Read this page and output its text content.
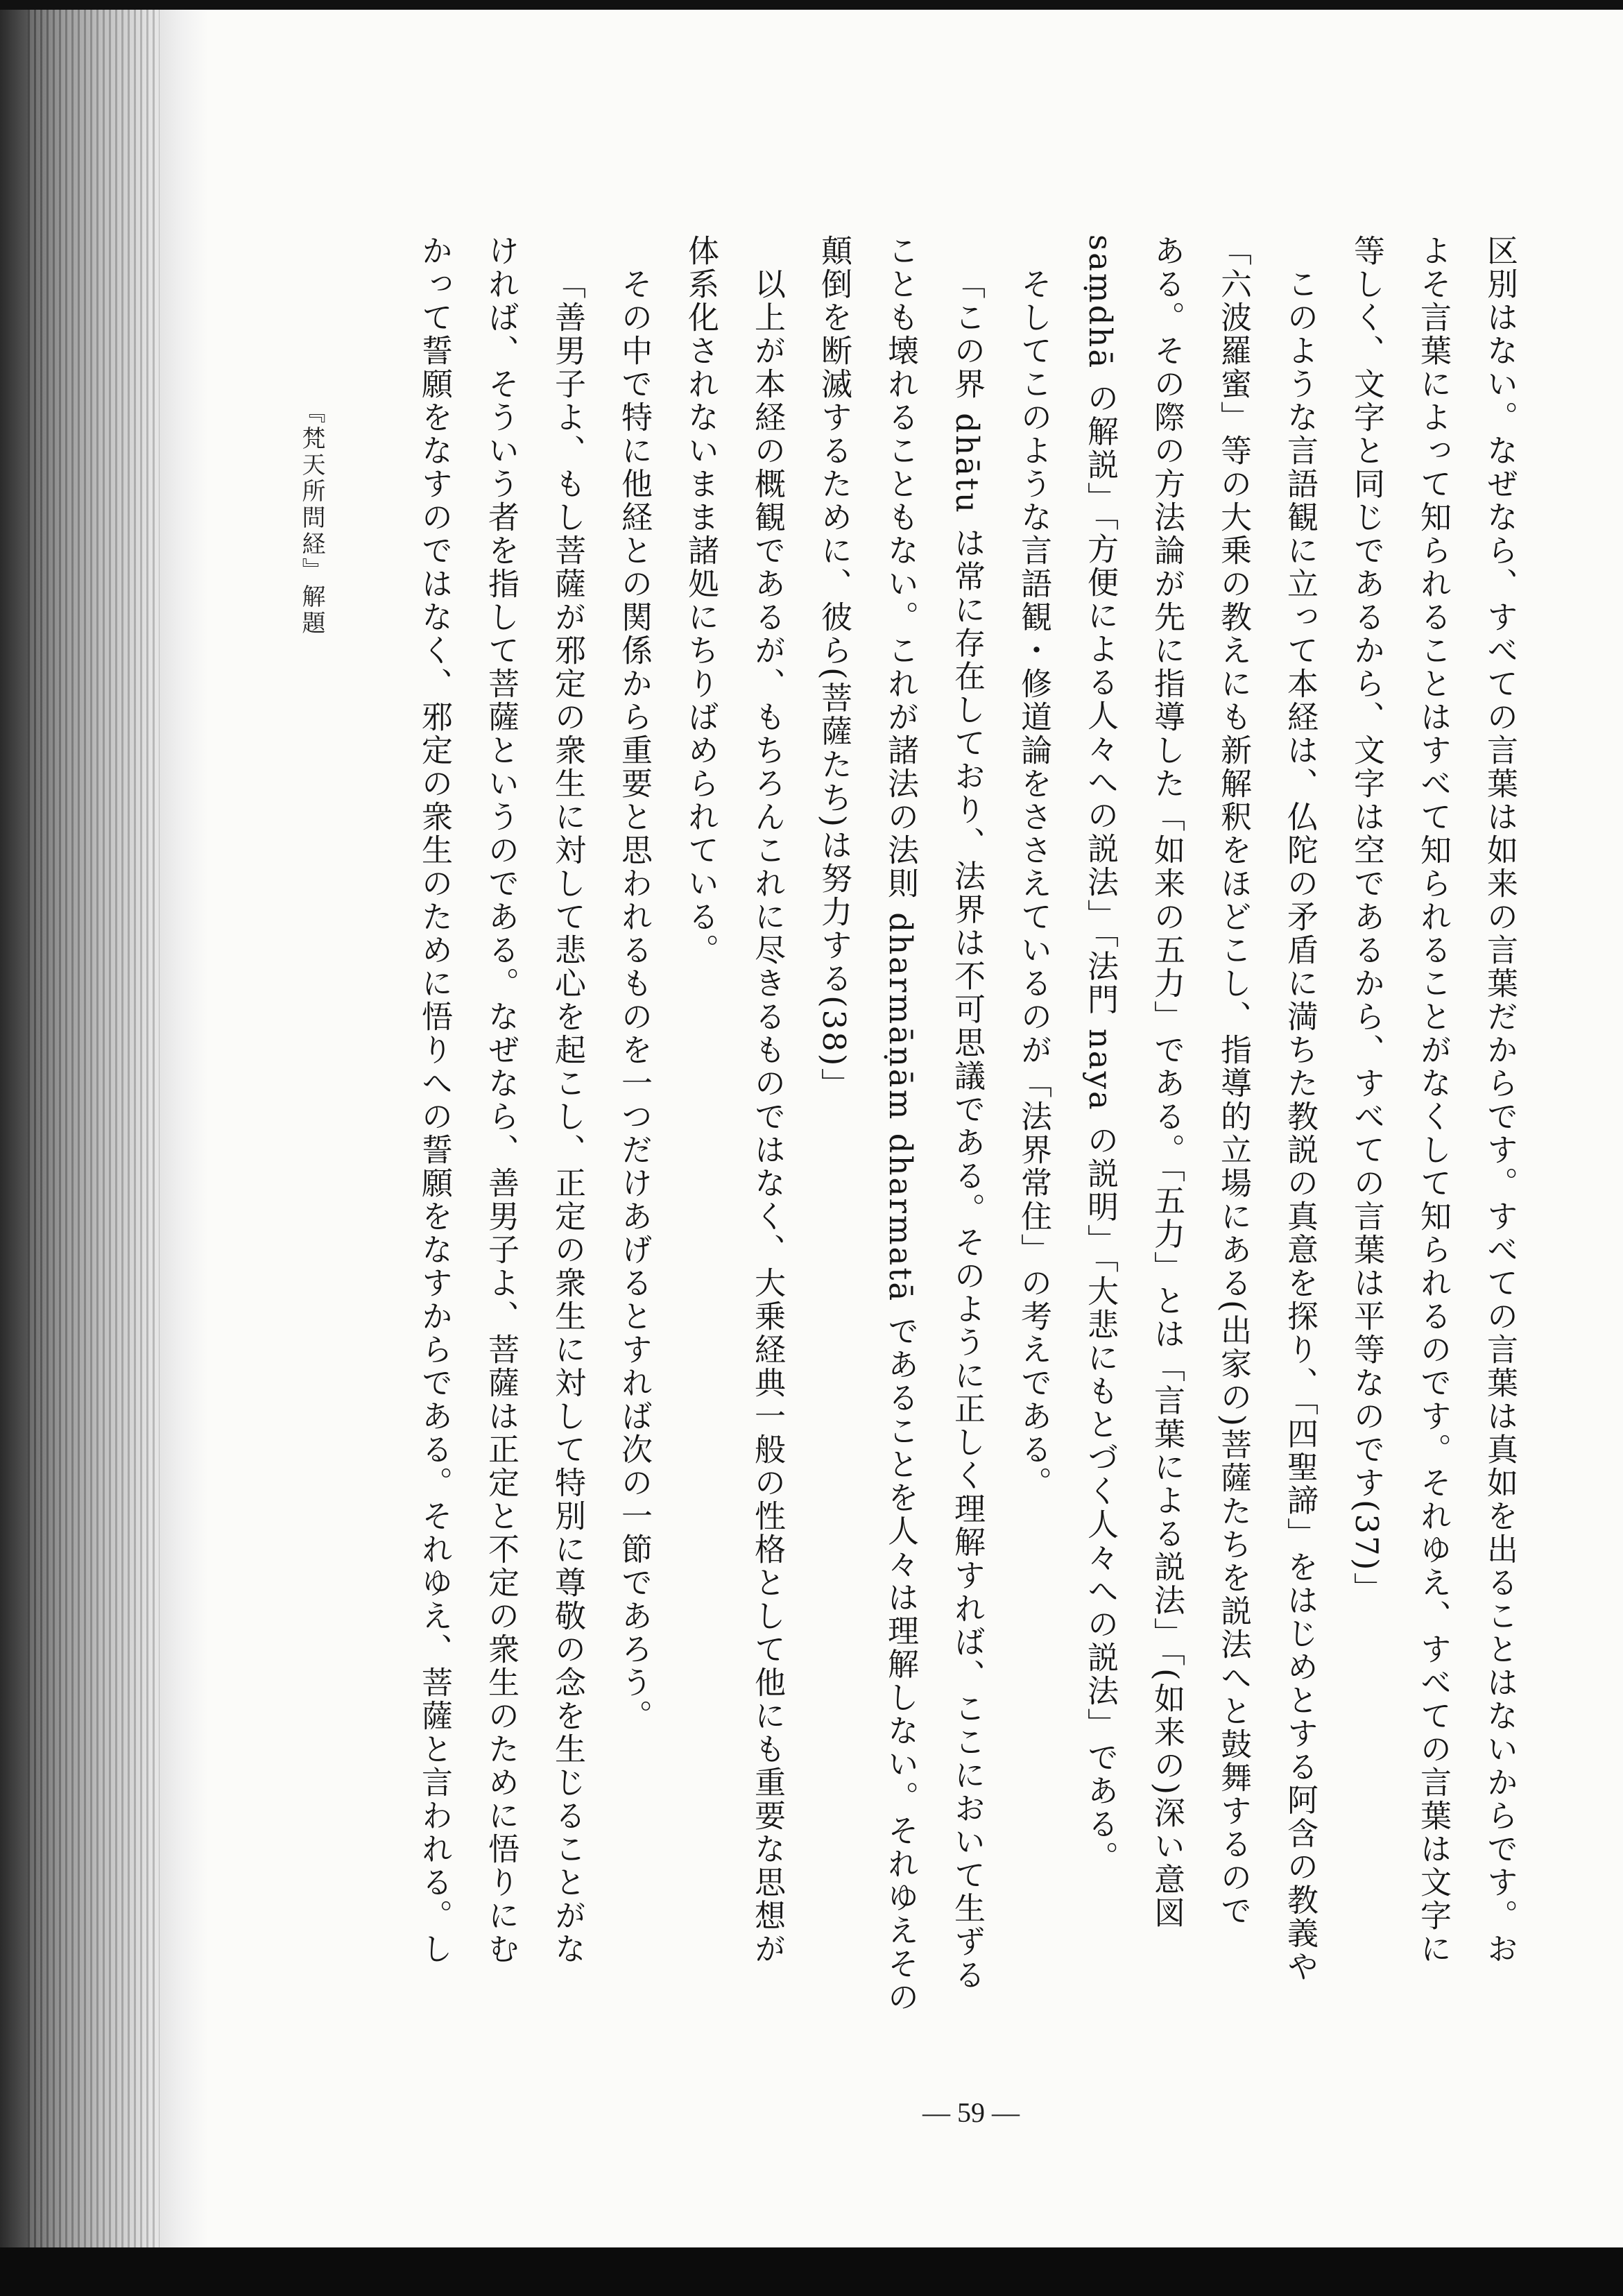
区別はない。なぜなら、すべての言葉は如来の言葉だからです。すべての言葉は真如を出ることはないからです。お

よそ言葉によって知られることはすべて知られることがなくして知られるのです。それゆえ、すべての言葉は文字に

等しく、文字と同じであるから、文字は空であるから、すべての言葉は平等なのです(37)」

このような言語観に立って本経は、仏陀の矛盾に満ちた教説の真意を探り、「四聖諦」をはじめとする阿含の教義や

「六波羅蜜」等の大乗の教えにも新解釈をほどこし、指導的立場にある(出家の)菩薩たちを説法へと鼓舞するので

ある。その際の方法論が先に指導した「如来の五力」である。「五力」とは「言葉による説法」「(如来の)深い意図

saṃdhā の解説」「方便による人々への説法」「法門 naya の説明」「大悲にもとづく人々への説法」である。

そしてこのような言語観・修道論をささえているのが「法界常住」の考えである。

「この界 dhātu は常に存在しており、法界は不可思議である。そのように正しく理解すれば、ここにおいて生ずる

ことも壊れることもない。これが諸法の法則 dharmāṇām dharmatā であることを人々は理解しない。それゆえその

顛倒を断滅するために、彼ら(菩薩たち)は努力する(38)」

以上が本経の概観であるが、もちろんこれに尽きるものではなく、大乗経典一般の性格として他にも重要な思想が

体系化されないまま諸処にちりばめられている。

その中で特に他経との関係から重要と思われるものを一つだけあげるとすれば次の一節であろう。

「善男子よ、もし菩薩が邪定の衆生に対して悲心を起こし、正定の衆生に対して特別に尊敬の念を生じることがな

ければ、そういう者を指して菩薩というのである。なぜなら、善男子よ、菩薩は正定と不定の衆生のために悟りにむ

かって誓願をなすのではなく、邪定の衆生のために悟りへの誓願をなすからである。それゆえ、菩薩と言われる。し

『梵天所問経』解題
— 59 —
